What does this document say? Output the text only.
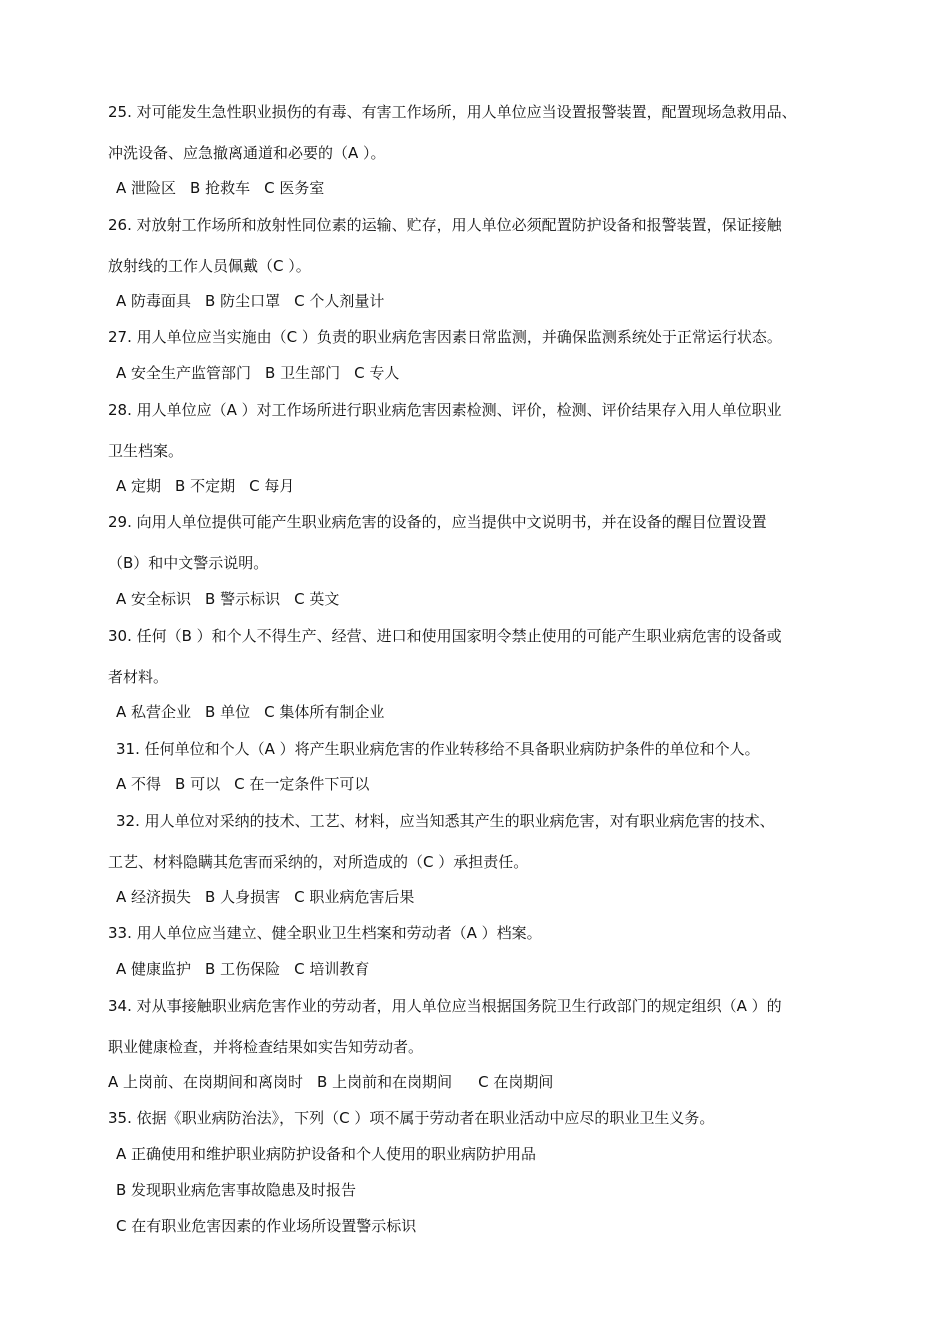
25. 对可能发生急性职业损伤的有毒、有害工作场所，用人单位应当设置报警装置，配置现场急救用品、
冲洗设备、应急撤离通道和必要的（A ）。
A 泄险区 B 抢救车 C 医务室
26. 对放射工作场所和放射性同位素的运输、贮存，用人单位必须配置防护设备和报警装置，保证接触
放射线的工作人员佩戴（C ）。
A 防毒面具 B 防尘口罩 C 个人剂量计
27. 用人单位应当实施由（C ）负责的职业病危害因素日常监测，并确保监测系统处于正常运行状态。
A 安全生产监管部门 B 卫生部门 C 专人
28. 用人单位应（A ）对工作场所进行职业病危害因素检测、评价，检测、评价结果存入用人单位职业
卫生档案。
A 定期 B 不定期 C 每月
29. 向用人单位提供可能产生职业病危害的设备的，应当提供中文说明书，并在设备的醒目位置设置
（B）和中文警示说明。
A 安全标识 B 警示标识 C 英文
30. 任何（B ）和个人不得生产、经营、进口和使用国家明令禁止使用的可能产生职业病危害的设备或
者材料。
A 私营企业 B 单位 C 集体所有制企业
31. 任何单位和个人（A ）将产生职业病危害的作业转移给不具备职业病防护条件的单位和个人。
A 不得 B 可以 C 在一定条件下可以
32. 用人单位对采纳的技术、工艺、材料，应当知悉其产生的职业病危害，对有职业病危害的技术、
工艺、材料隐瞒其危害而采纳的，对所造成的（C ）承担责任。
A 经济损失 B 人身损害 C 职业病危害后果
33. 用人单位应当建立、健全职业卫生档案和劳动者（A ）档案。
A 健康监护 B 工伤保险 C 培训教育
34. 对从事接触职业病危害作业的劳动者，用人单位应当根据国务院卫生行政部门的规定组织（A ）的
职业健康检查，并将检查结果如实告知劳动者。
A 上岗前、在岗期间和离岗时 B 上岗前和在岗期间 C 在岗期间
35. 依据《职业病防治法》，下列（C ）项不属于劳动者在职业活动中应尽的职业卫生义务。
A 正确使用和维护职业病防护设备和个人使用的职业病防护用品
B 发现职业病危害事故隐患及时报告
C 在有职业危害因素的作业场所设置警示标识
